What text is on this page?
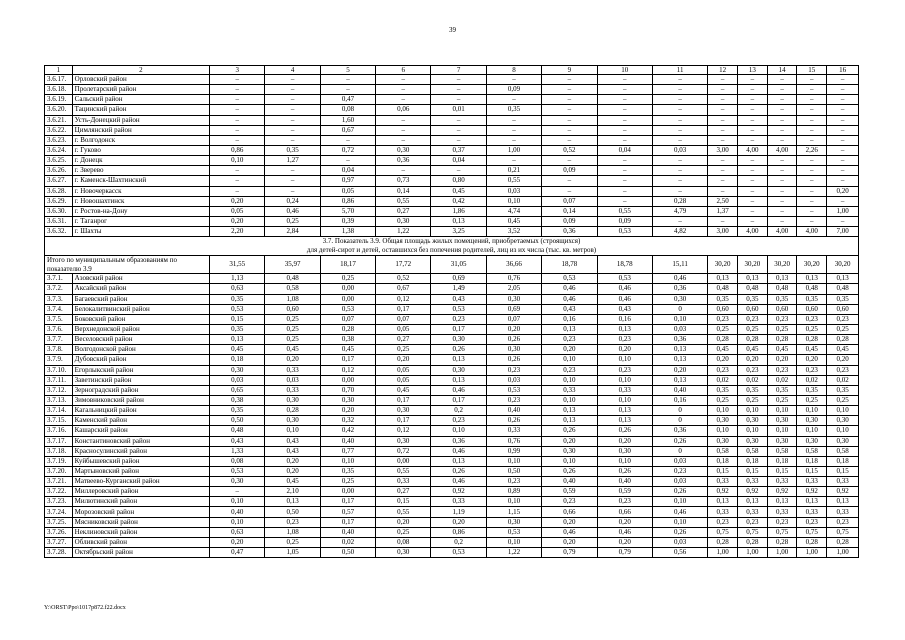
39
1	2	3	4	5	6	7	8	9	10	11	12	13	14	15	16
3.6.17.	Орловский район	–	–	–	–	–	–	–	–	–	–	–	–	–	–
3.6.18.	Пролетарский район	–	–	–	–	–	0,09	–	–	–	–	–	–	–	–
3.6.19.	Сальский район	–	–	0,47	–	–	–	–	–	–	–	–	–	–	–
3.6.20.	Тацинский район	–	–	0,08	0,06	0,01	0,35	–	–	–	–	–	–	–	–
3.6.21.	Усть-Донецкий район	–	–	1,60	–	–	–	–	–	–	–	–	–	–	–
3.6.22.	Цимлянский район	–	–	0,67	–	–	–	–	–	–	–	–	–	–	–
3.6.23.	г. Волгодонск	–	–	–	–	–	–	–	–	–	–	–	–	–	–
3.6.24.	г. Гуково	0,86	0,35	0,72	0,30	0,37	1,00	0,52	0,04	0,03	3,00	4,00	4,00	2,26	–
3.6.25.	г. Донецк	0,10	1,27	–	0,36	0,04	–	–	–	–	–	–	–	–	–
3.6.26.	г. Зверево	–	–	0,04	–	–	0,21	0,09	–	–	–	–	–	–	–
3.6.27.	г. Каменск-Шахтинский	–	–	0,97	0,73	0,80	0,55	–	–	–	–	–	–	–	–
3.6.28.	г. Новочеркасск	–	–	0,05	0,14	0,45	0,03	–	–	–	–	–	–	–	0,20
3.6.29.	г. Новошахтинск	0,20	0,24	0,86	0,55	0,42	0,10	0,07	–	0,28	2,50	–	–	–	–
3.6.30.	г. Ростов-на-Дону	0,05	0,46	5,70	0,27	1,86	4,74	0,14	0,55	4,79	1,37	–	–	–	1,00
3.6.31.	г. Таганрог	0,20	0,25	0,39	0,30	0,13	0,45	0,09	0,09	–	–	–	–	–	–
3.6.32.	г. Шахты	2,20	2,84	1,38	1,22	3,25	3,52	0,36	0,53	4,82	3,00	4,00	4,00	4,00	7,00

3.7. Показатель 3.9. Общая площадь жилых помещений, приобретаемых (строящихся)
для детей-сирот и детей, оставшихся без попечения родителей, лиц из их числа (тыс. кв. метров)															

Итого по муниципальным образованиям по показателю 3.9		31,55	35,97	18,17	17,72	31,05	36,66	18,78	18,78	15,11	30,20	30,20	30,20	30,20	30,20
3.7.1.	Азовский район	1,13	0,48	0,25	0,52	0,69	0,76	0,53	0,53	0,46	0,13	0,13	0,13	0,13	0,13
3.7.2.	Аксайский район	0,63	0,58	0,00	0,67	1,49	2,05	0,46	0,46	0,36	0,48	0,48	0,48	0,48	0,48
3.7.3.	Багаевский район	0,35	1,08	0,00	0,12	0,43	0,30	0,46	0,46	0,30	0,35	0,35	0,35	0,35	0,35
3.7.4.	Белокалитвинский район	0,53	0,60	0,53	0,17	0,53	0,69	0,43	0,43	0	0,60	0,60	0,60	0,60	0,60
3.7.5.	Боковский район	0,15	0,25	0,07	0,07	0,23	0,07	0,16	0,16	0,10	0,23	0,23	0,23	0,23	0,23
3.7.6.	Верхнедонской район	0,35	0,25	0,28	0,05	0,17	0,20	0,13	0,13	0,03	0,25	0,25	0,25	0,25	0,25
3.7.7.	Веселовский район	0,13	0,25	0,38	0,27	0,30	0,26	0,23	0,23	0,36	0,28	0,28	0,28	0,28	0,28
3.7.8.	Волгодонской район	0,45	0,45	0,45	0,25	0,26	0,30	0,20	0,20	0,13	0,45	0,45	0,45	0,45	0,45
3.7.9.	Дубовский район	0,18	0,20	0,17	0,20	0,13	0,26	0,10	0,10	0,13	0,20	0,20	0,20	0,20	0,20
3.7.10.	Егорлыкский район	0,30	0,33	0,12	0,05	0,30	0,23	0,23	0,23	0,20	0,23	0,23	0,23	0,23	0,23
3.7.11.	Заветинский район	0,03	0,03	0,00	0,05	0,13	0,03	0,10	0,10	0,13	0,02	0,02	0,02	0,02	0,02
3.7.12.	Зерноградский район	0,65	0,33	0,70	0,45	0,46	0,53	0,33	0,33	0,40	0,35	0,35	0,35	0,35	0,35
3.7.13.	Зимовниковский район	0,38	0,30	0,30	0,17	0,17	0,23	0,10	0,10	0,16	0,25	0,25	0,25	0,25	0,25
3.7.14.	Кагальницкий район	0,35	0,28	0,20	0,30	0,2	0,40	0,13	0,13	0	0,10	0,10	0,10	0,10	0,10
3.7.15.	Каменский район	0,50	0,30	0,32	0,17	0,23	0,26	0,13	0,13	0	0,30	0,30	0,30	0,30	0,30
3.7.16.	Кашарский район	0,48	0,10	0,42	0,12	0,10	0,33	0,26	0,26	0,36	0,10	0,10	0,10	0,10	0,10
3.7.17.	Константиновский район	0,43	0,43	0,40	0,30	0,36	0,76	0,20	0,20	0,26	0,30	0,30	0,30	0,30	0,30
3.7.18.	Красносулинский район	1,33	0,43	0,77	0,72	0,46	0,99	0,30	0,30	0	0,58	0,58	0,58	0,58	0,58
3.7.19.	Куйбышевский район	0,08	0,20	0,10	0,00	0,13	0,10	0,10	0,10	0,03	0,18	0,18	0,18	0,18	0,18
3.7.20.	Мартыновский район	0,53	0,20	0,35	0,55	0,26	0,50	0,26	0,26	0,23	0,15	0,15	0,15	0,15	0,15
3.7.21.	Матвеево-Курганский район	0,30	0,45	0,25	0,33	0,46	0,23	0,40	0,40	0,03	0,33	0,33	0,33	0,33	0,33
3.7.22.	Миллеровский район	–	2,10	0,00	0,27	0,92	0,89	0,59	0,59	0,26	0,92	0,92	0,92	0,92	0,92
3.7.23.	Милютинский район	0,10	0,13	0,17	0,15	0,33	0,10	0,23	0,23	0,10	0,13	0,13	0,13	0,13	0,13
3.7.24.	Морозовский район	0,40	0,50	0,57	0,55	1,19	1,15	0,66	0,66	0,46	0,33	0,33	0,33	0,33	0,33
3.7.25.	Мясниковский район	0,10	0,23	0,17	0,20	0,20	0,30	0,20	0,20	0,10	0,23	0,23	0,23	0,23	0,23
3.7.26.	Неклиновский район	0,63	1,08	0,40	0,25	0,86	0,53	0,46	0,46	0,26	0,75	0,75	0,75	0,75	0,75
3.7.27.	Обливский район	0,20	0,25	0,02	0,08	0,2	0,10	0,20	0,20	0,03	0,28	0,28	0,28	0,28	0,28
3.7.28.	Октябрьский район	0,47	1,05	0,50	0,30	0,53	1,22	0,79	0,79	0,56	1,00	1,00	1,00	1,00	1,00
Y:\ORST\Ppo\1017p872.f22.docx
